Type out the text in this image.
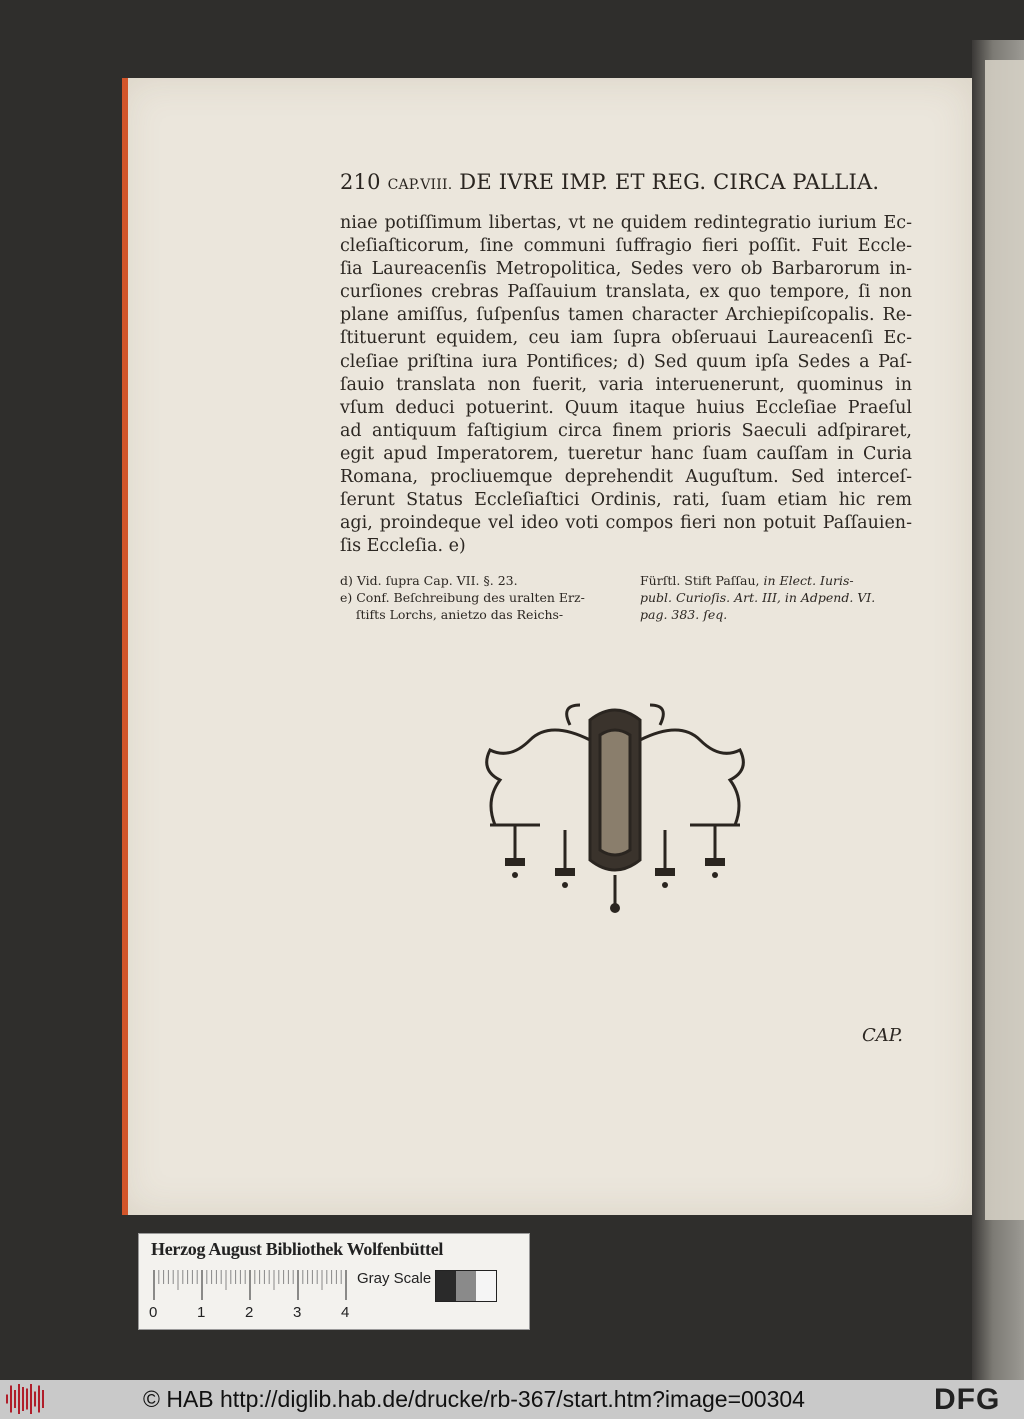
210 CAP.VIII. DE IVRE IMP. ET REG. CIRCA PALLIA.
niae potiſſimum libertas, vt ne quidem redintegratio iurium Ec-
cleſiaſticorum, ſine communi ſuffragio fieri poſſit. Fuit Eccle-
ſia Laureacenſis Metropolitica, Sedes vero ob Barbarorum in-
curſiones crebras Paſſauium translata, ex quo tempore, ſi non
plane amiſſus, ſuſpenſus tamen character Archiepiſcopalis. Re-
ſtituerunt equidem, ceu iam ſupra obſeruaui Laureacenſi Ec-
cleſiae priſtina iura Pontifices; d) Sed quum ipſa Sedes a Paſ-
ſauio translata non fuerit, varia interuenerunt, quominus in
vſum deduci potuerint. Quum itaque huius Eccleſiae Praeſul
ad antiquum faſtigium circa finem prioris Saeculi adſpiraret,
egit apud Imperatorem, tueretur hanc ſuam cauſſam in Curia
Romana, procliuemque deprehendit Auguſtum. Sed interceſ-
ſerunt Status Eccleſiaſtici Ordinis, rati, ſuam etiam hic rem
agi, proindeque vel ideo voti compos fieri non potuit Paſſauien-
ſis Eccleſia. e)
d) Vid. ſupra Cap. VII. §. 23.
e) Conf. Beſchreibung des uralten Erz-
ſtifts Lorchs, anietzo das Reichs-
Fürſtl. Stift Paſſau, in Elect. Iuris-
publ. Curioſis. Art. III, in Adpend. VI.
pag. 383. ſeq.
CAP.
Herzog August Bibliothek Wolfenbüttel
0	1	2	3	4
Gray Scale
© HAB http://diglib.hab.de/drucke/rb-367/start.htm?image=00304	DFG
